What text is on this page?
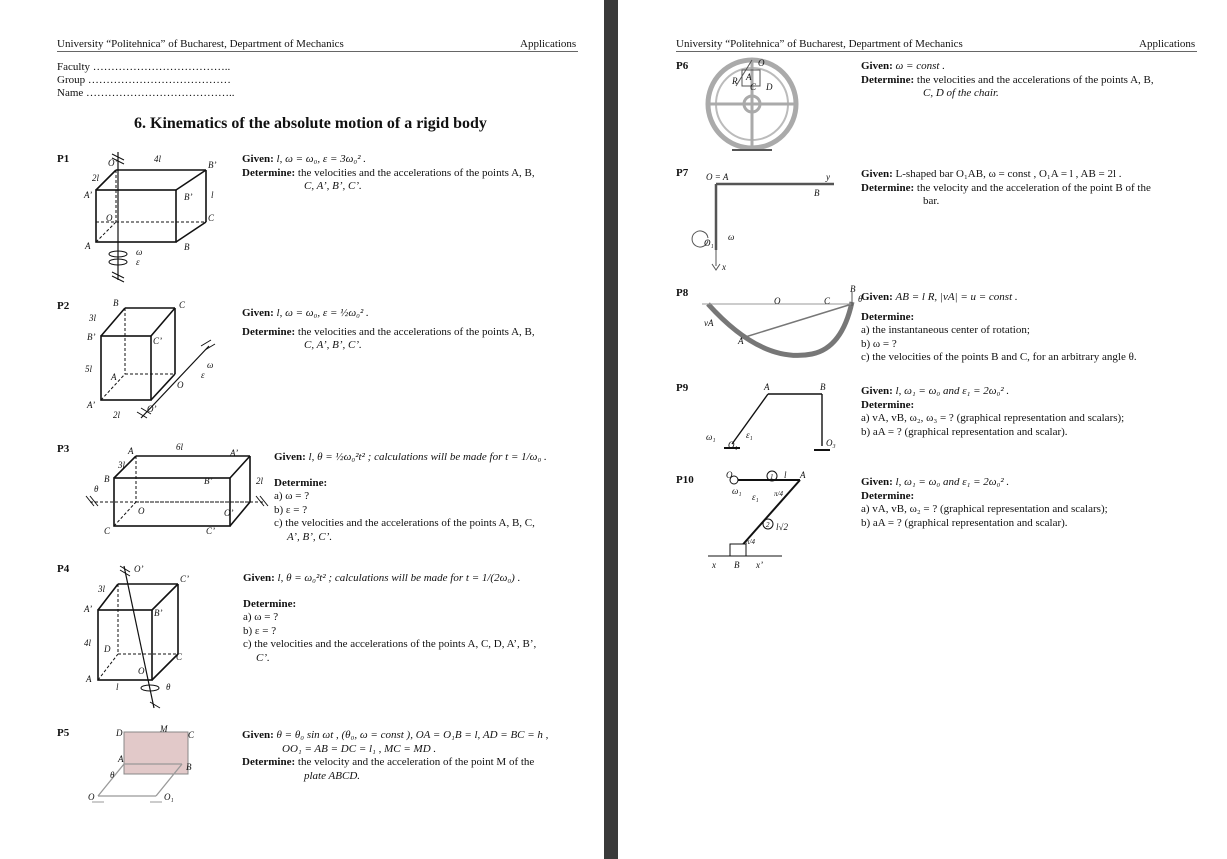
University “Politehnica” of Bucharest, Department of Mechanics	Applications
Faculty ………………………………..
Group …………………………………
Name …………………………………..
6. Kinematics of the absolute motion of a rigid body
P1	4l
2l
O’
l
A’	B’
B’
C
O
A	B
ω
ε
Given: l, ω = ω₀, ε = 3ω₀² .
Determine: the velocities and the accelerations of the points A, B,
C, A’, B’, C’.
P2	B	C
3l
B’	C’
5l
A
A’
2l
O’
O
ω
ε
Given: l, ω = ω₀, ε = ½ω₀² .

Determine: the velocities and the accelerations of the points A, B,
C, A’, B’, C’.
P3	6l
A	A’
3l
B	B’	2l
θ
O	O’
C	C’
Given: l, θ = ½ω₀²t² ; calculations will be made for t = 1/ω₀ .

Determine:
a) ω = ?
b) ε = ?
c) the velocities and the accelerations of the points A, B, C,
A’, B’, C’.
P4	O’
C’
3l
A’	B’
4l
D
C
O
A
l	θ
Given: l, θ = ω₀²t² ; calculations will be made for t = 1/(2ω₀) .

Determine:
a) ω = ?
b) ε = ?
c) the velocities and the accelerations of the points A, C, D, A’, B’,
C’.
P5	D	M
C
A
B
θ
O	O₁
Given: θ = θ₀ sin ωt , (θ₀, ω = const ), OA = O₁B = l, AD = BC = h ,

OO₁ = AB = DC = l₁ , MC = MD .
Determine: the velocity and the acceleration of the point M of the
plate ABCD.
University “Politehnica” of Bucharest, Department of Mechanics	Applications
P6
R A
O
C D
Given: ω = const .
Determine: the velocities and the accelerations of the points A, B,
C, D of the chair.
P7 O = A	y
B
O₁
ω
x
Given: L-shaped bar O₁AB, ω = const , O₁A = l , AB = 2l .
Determine: the velocity and the acceleration of the point B of the
bar.
P8	B
O	C	θ
vA
A
Given: AB = l R, |vA| = u = const .

Determine:
a) the instantaneous center of rotation;
b) ω = ?
c) the velocities of the points B and C, for an arbitrary angle θ.
P9	A	B
ω₁	ε₁
O₁	O₃
Given: l, ω₁ = ω₀ and ε₁ = 2ω₀² .
Determine:
a) vA, vB, ω₂, ω₃ = ? (graphical representation and scalars);
b) aA = ? (graphical representation and scalar).
P10	1 l A
O
ω₁
ε₁ π/4
2 l√2
π/4
x B x’
Given: l, ω₁ = ω₀ and ε₁ = 2ω₀² .
Determine:
a) vA, vB, ω₂ = ? (graphical representation and scalars);
b) aA = ? (graphical representation and scalar).
